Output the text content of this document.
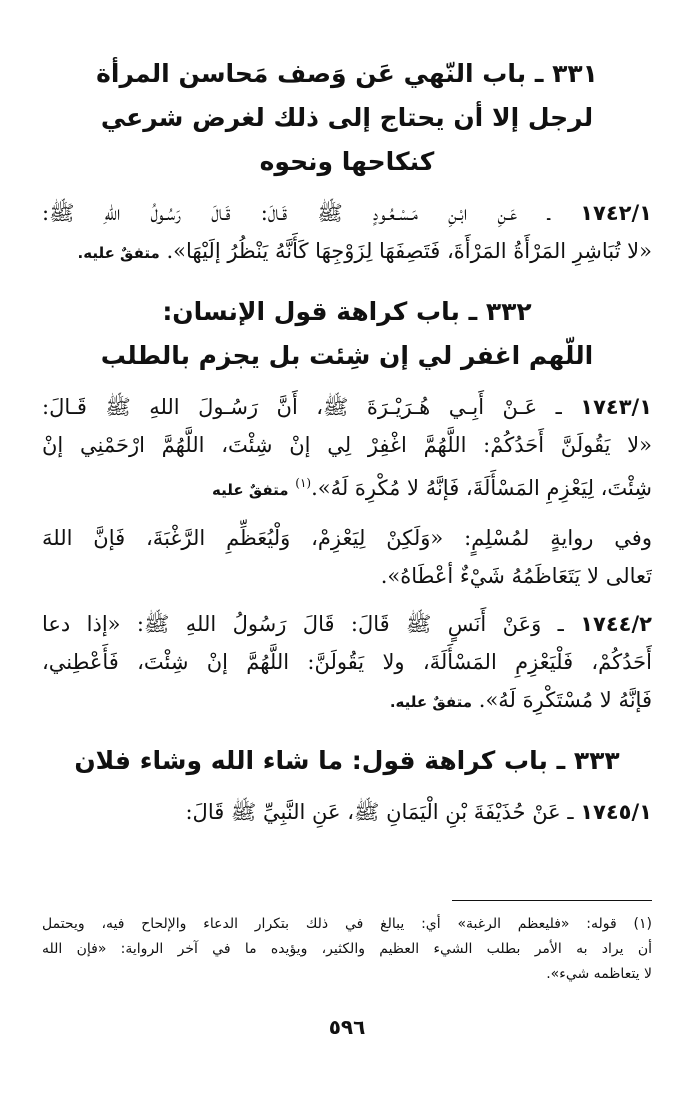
٣٣١ ـ باب النّهي عَن وَصف مَحاسن المرأة
لرجل إلا أن يحتاج إلى ذلك لغرض شرعي
كنكاحها ونحوه

١٧٤٢/١ ـ عَـنِ ابْـنِ مَـسْـعُـودٍ ﷺ قَـالَ: قَـالَ رَسُـولُ اللهِ ﷺ:
«لا تُبَاشِرِ المَرْأَةُ المَرْأَةَ، فَتَصِفَهَا لِزَوْجِهَا كَأَنَّهُ يَنْظُرُ إلَيْهَا». متفقٌ عليه.

٣٣٢ ـ باب كراهة قول الإنسان:
اللّهم اغفر لي إن شِئت بل يجزم بالطلب

١٧٤٣/١ ـ عَـنْ أَبِـي هُـرَيْـرَةَ ﷺ، أَنَّ رَسُـولَ اللهِ ﷺ قَـالَ:
«لا يَقُولَنَّ أَحَدُكُمْ: اللَّهُمَّ اغْفِرْ لِي إنْ شِئْتَ، اللَّهُمَّ ارْحَمْنِي إنْ
شِئْتَ، لِيَعْزِمِ المَسْأَلَةَ، فَإنَّهُ لا مُكْرِهَ لَهُ».$^{(١)}$ متفقٌ عليه

وفي روايةٍ لمُسْلِمٍ: «وَلَكِنْ لِيَعْزِمْ، وَلْيُعَظِّمِ الرَّغْبَةَ، فَإنَّ اللهَ
تَعالى لا يَتَعَاظَمُهُ شَيْءٌ أعْطَاهُ».

١٧٤٤/٢ ـ وَعَنْ أَنَسٍ ﷺ قَالَ: قَالَ رَسُولُ اللهِ ﷺ: «إذا دعا
أَحَدُكُمْ، فَلْيَعْزِمِ المَسْأَلَةَ، ولا يَقُولَنَّ: اللَّهُمَّ إنْ شِئْتَ، فَأَعْطِني،
فَإنَّهُ لا مُسْتَكْرِهَ لَهُ». متفقٌ عليه.

٣٣٣ ـ باب كراهة قول: ما شاء الله وشاء فلان

١٧٤٥/١ ـ عَنْ حُذَيْفَةَ بْنِ الْيَمَانِ ﷺ، عَنِ النَّبِيِّ ﷺ قَالَ:

(١) قوله: «فليعظم الرغبة» أي: يبالغ في ذلك بتكرار الدعاء والإلحاح فيه، ويحتمل
أن يراد به الأمر بطلب الشيء العظيم والكثير، ويؤيده ما في آخر الرواية: «فإن الله
لا يتعاظمه شيء».
٥٩٦
